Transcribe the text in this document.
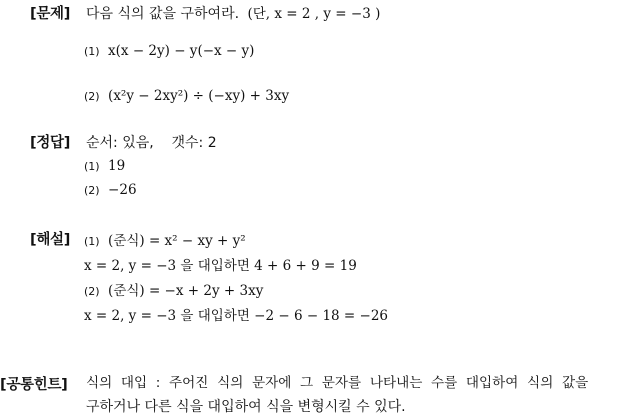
[문제] 다음 식의 값을 구하여라. (단, x = 2 , y = −3 )
(1) x(x − 2y) − y(−x − y)
(2) (x²y − 2xy²) ÷ (−xy) + 3xy
[정답] 순서: 있음,    갯수: 2
(1) 19
(2) −26
[해설] (1) (준식) = x² − xy + y²
x = 2, y = −3 을 대입하면 4 + 6 + 9 = 19
(2) (준식) = −x + 2y + 3xy
x = 2, y = −3 을 대입하면 −2 − 6 − 18 = −26
[공통힌트] 식의  대입  :  주어진  식의  문자에  그  문자를  나타내는  수를  대입하여  식의  값을
구하거나 다른 식을 대입하여 식을 변형시킬 수 있다.
